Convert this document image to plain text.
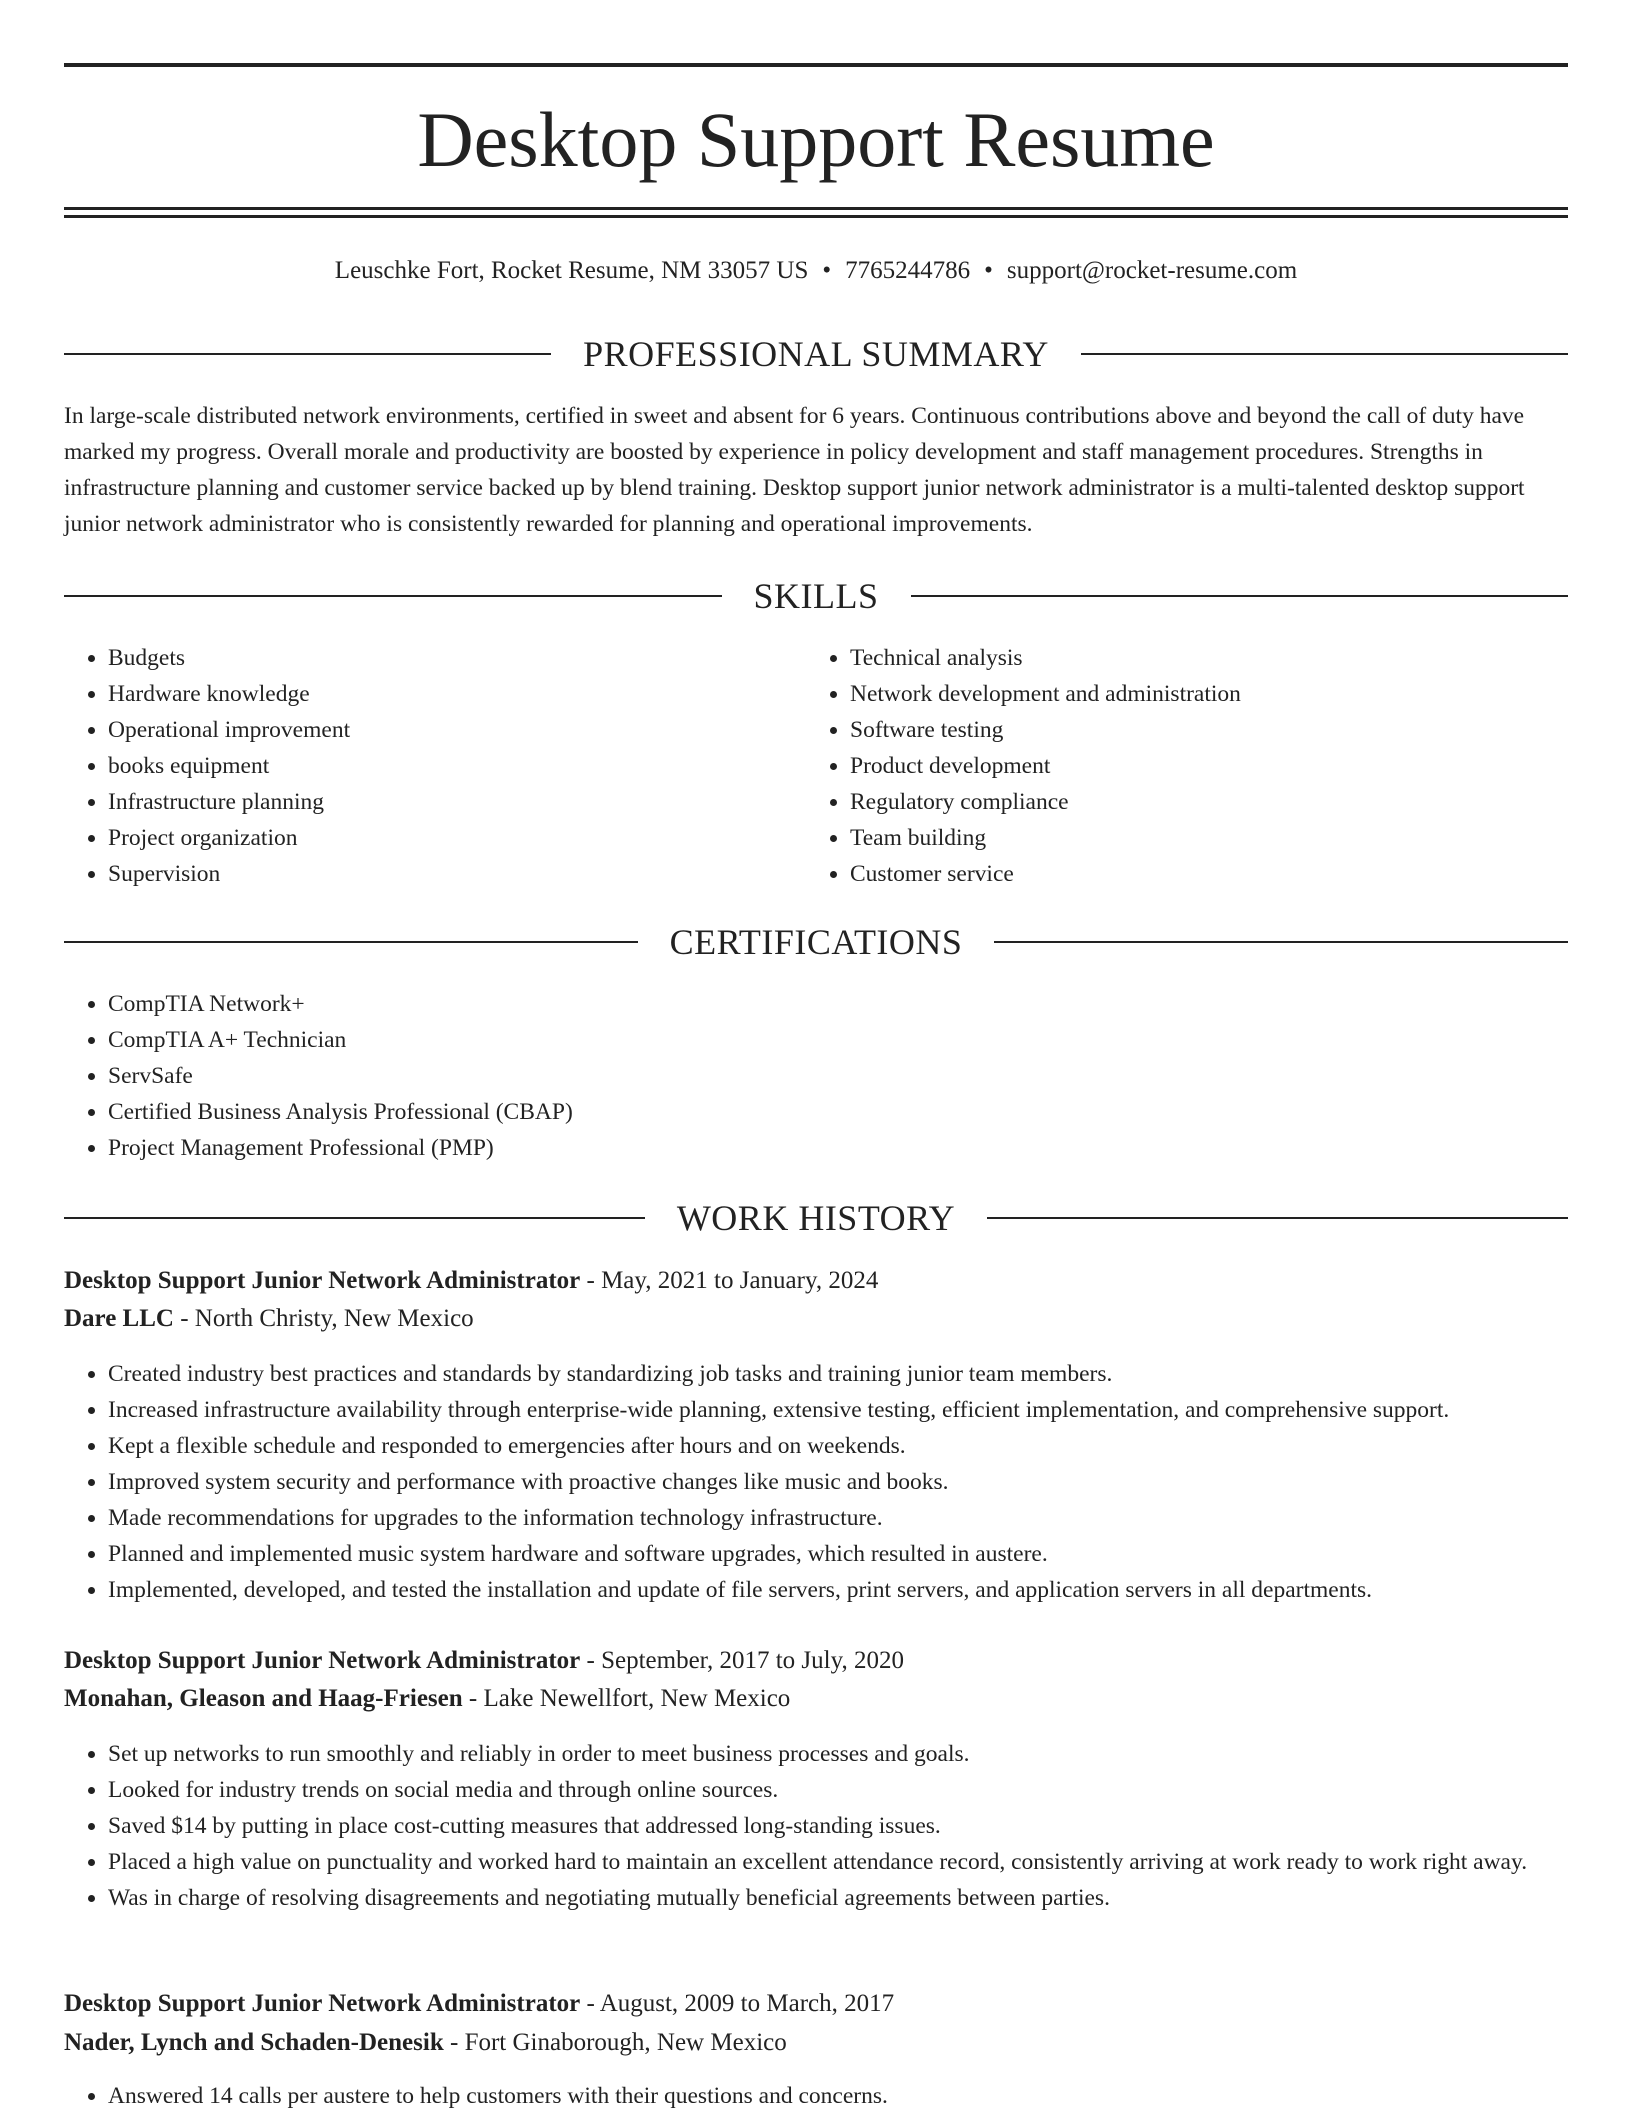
Desktop Support Resume
Leuschke Fort, Rocket Resume, NM 33057 US • 7765244786 • support@rocket-resume.com
PROFESSIONAL SUMMARY

In large-scale distributed network environments, certified in sweet and absent for 6 years. Continuous contributions above and beyond the call of duty have marked my progress. Overall morale and productivity are boosted by experience in policy development and staff management procedures. Strengths in infrastructure planning and customer service backed up by blend training. Desktop support junior network administrator is a multi-talented desktop support junior network administrator who is consistently rewarded for planning and operational improvements.

SKILLS
• Budgets
• Hardware knowledge
• Operational improvement
• books equipment
• Infrastructure planning
• Project organization
• Supervision
• Technical analysis
• Network development and administration
• Software testing
• Product development
• Regulatory compliance
• Team building
• Customer service
CERTIFICATIONS
• CompTIA Network+
• CompTIA A+ Technician
• ServSafe
• Certified Business Analysis Professional (CBAP)
• Project Management Professional (PMP)
WORK HISTORY
Desktop Support Junior Network Administrator - May, 2021 to January, 2024
Dare LLC - North Christy, New Mexico
• Created industry best practices and standards by standardizing job tasks and training junior team members.
• Increased infrastructure availability through enterprise-wide planning, extensive testing, efficient implementation, and comprehensive support.
• Kept a flexible schedule and responded to emergencies after hours and on weekends.
• Improved system security and performance with proactive changes like music and books.
• Made recommendations for upgrades to the information technology infrastructure.
• Planned and implemented music system hardware and software upgrades, which resulted in austere.
• Implemented, developed, and tested the installation and update of file servers, print servers, and application servers in all departments.
Desktop Support Junior Network Administrator - September, 2017 to July, 2020
Monahan, Gleason and Haag-Friesen - Lake Newellfort, New Mexico
• Set up networks to run smoothly and reliably in order to meet business processes and goals.
• Looked for industry trends on social media and through online sources.
• Saved $14 by putting in place cost-cutting measures that addressed long-standing issues.
• Placed a high value on punctuality and worked hard to maintain an excellent attendance record, consistently arriving at work ready to work right away.
• Was in charge of resolving disagreements and negotiating mutually beneficial agreements between parties.
Desktop Support Junior Network Administrator - August, 2009 to March, 2017
Nader, Lynch and Schaden-Denesik - Fort Ginaborough, New Mexico
• Answered 14 calls per austere to help customers with their questions and concerns.
